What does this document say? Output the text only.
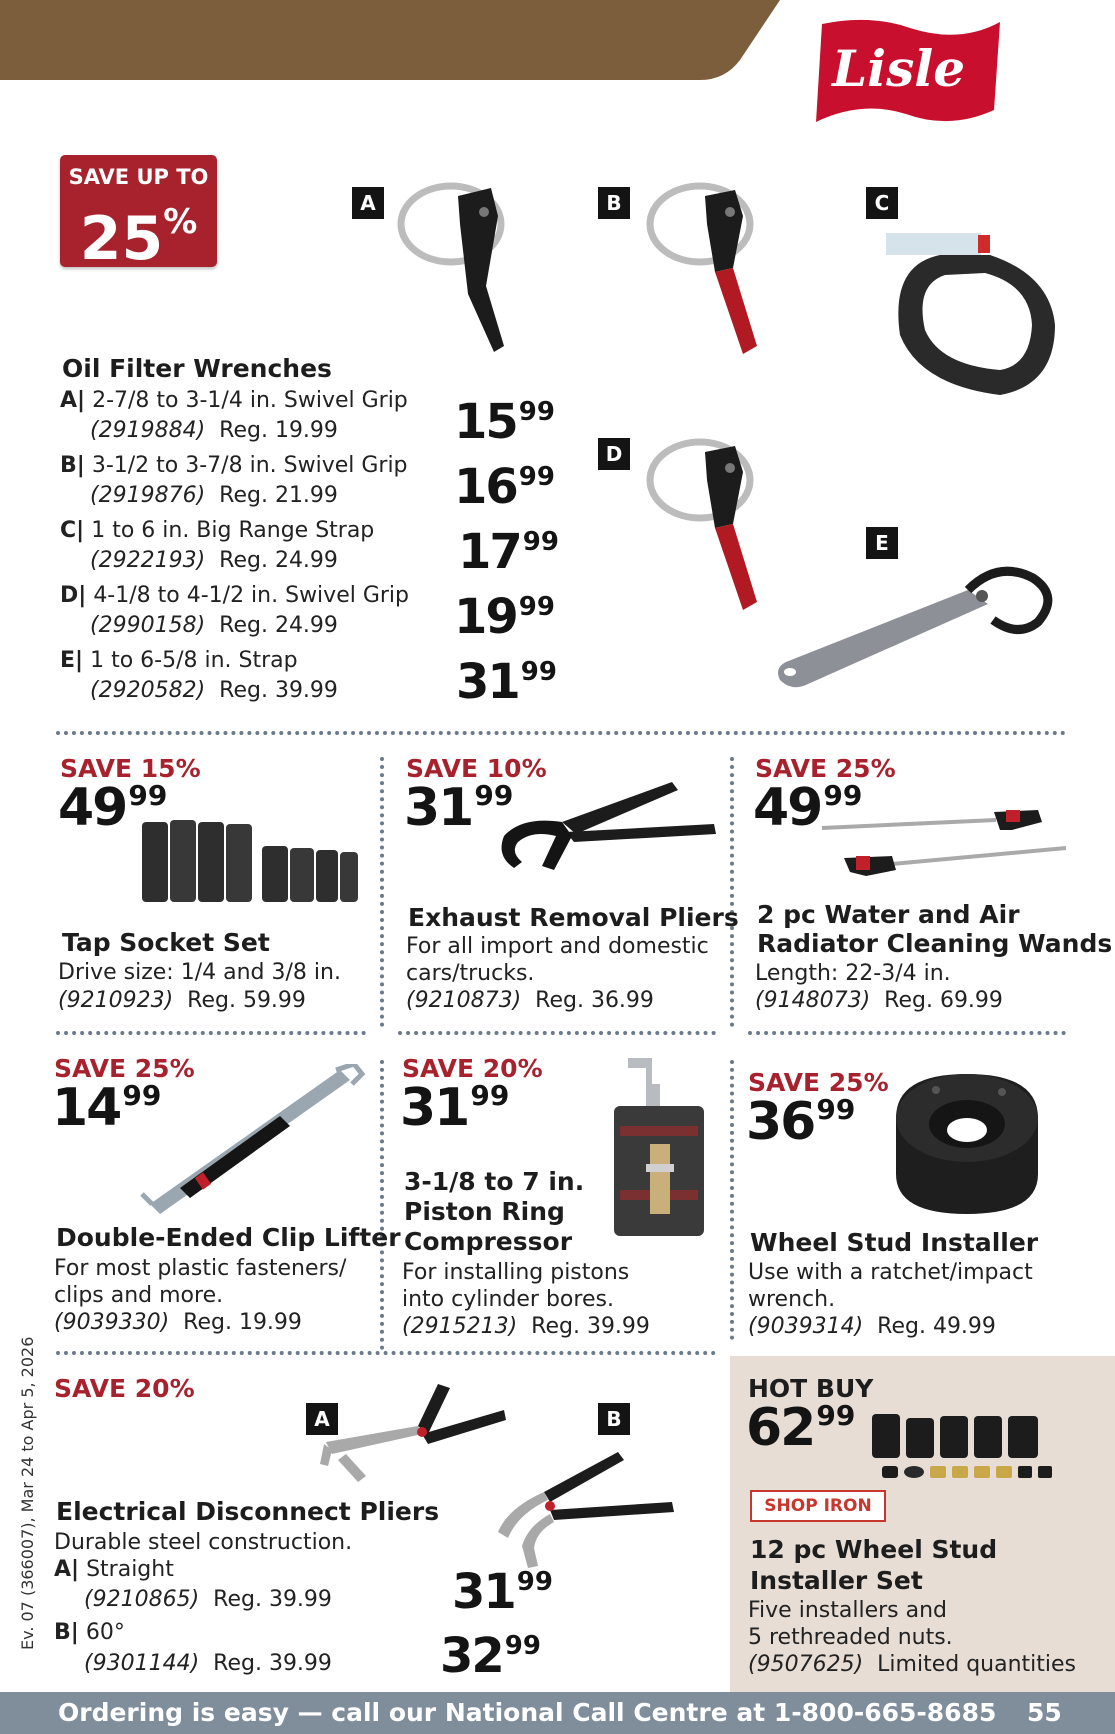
Lisle
SAVE UP TO
25%	A	B	C
D
E
Oil Filter Wrenches
A| 2-7/8 to 3-1/4 in. Swivel Grip
(2919884) Reg. 19.99 1599
B| 3-1/2 to 3-7/8 in. Swivel Grip
(2919876) Reg. 21.99 1699
C| 1 to 6 in. Big Range Strap
(2922193) Reg. 24.99	1799
D| 4-1/8 to 4-1/2 in. Swivel Grip
(2990158) Reg. 24.99 1999
E| 1 to 6-5/8 in. Strap
(2920582) Reg. 39.99 3199
SAVE 15%
4999
Tap Socket Set
Drive size: 1/4 and 3/8 in.
(9210923) Reg. 59.99
SAVE 10%
3199
Exhaust Removal Pliers
For all import and domestic
cars/trucks.
(9210873) Reg. 36.99
SAVE 25%
4999
2 pc Water and Air
Radiator Cleaning Wands
Length: 22-3/4 in.
(9148073) Reg. 69.99
SAVE 25%
1499
Double-Ended Clip Lifter
For most plastic fasteners/
clips and more.
(9039330) Reg. 19.99
SAVE 20%
3199
3-1/8 to 7 in.
Piston Ring
Compressor
For installing pistons
into cylinder bores.
(2915213) Reg. 39.99
SAVE 25%
3699
Wheel Stud Installer
Use with a ratchet/impact
wrench.
(9039314) Reg. 49.99
SAVE 20%
A	B
Electrical Disconnect Pliers
Durable steel construction.
A| Straight
(9210865) Reg. 39.99	3199
B| 60°
(9301144) Reg. 39.99 3299
HOT BUY
6299
SHOP IRON
12 pc Wheel Stud
Installer Set
Five installers and
5 rethreaded nuts.
(9507625) Limited quantities
Ev. 07 (366007), Mar 24 to Apr 5, 2026
Ordering is easy — call our National Call Centre at 1-800-665-8685 55
